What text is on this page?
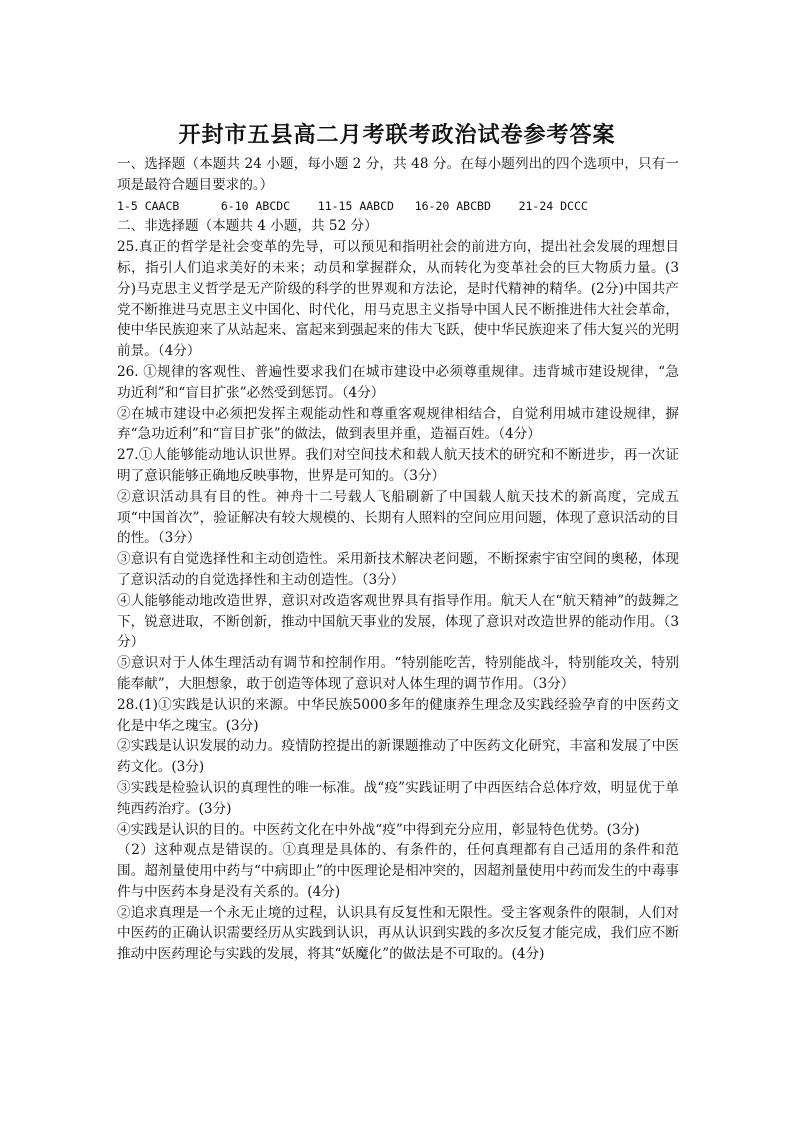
开封市五县高二月考联考政治试卷参考答案

一、选择题（本题共 24 小题，每小题 2 分，共 48 分。在每小题列出的四个选项中，只有一项是最符合题目要求的。）

1-5 CAACB      6-10 ABCDC    11-15 AABCD   16-20 ABCBD    21-24 DCCC

二、非选择题（本题共 4 小题，共 52 分）

25.真正的哲学是社会变革的先导，可以预见和指明社会的前进方向，提出社会发展的理想目标，指引人们追求美好的未来；动员和掌握群众，从而转化为变革社会的巨大物质力量。(3分)马克思主义哲学是无产阶级的科学的世界观和方法论，是时代精神的精华。(2分)中国共产党不断推进马克思主义中国化、时代化，用马克思主义指导中国人民不断推进伟大社会革命，使中华民族迎来了从站起来、富起来到强起来的伟大飞跃，使中华民族迎来了伟大复兴的光明前景。（4分）

26. ①规律的客观性、普遍性要求我们在城市建设中必须尊重规律。违背城市建设规律，“急功近利”和“盲目扩张”必然受到惩罚。（4分）

②在城市建设中必须把发挥主观能动性和尊重客观规律相结合，自觉利用城市建设规律，摒弃“急功近利”和“盲目扩张”的做法，做到表里并重，造福百姓。（4分）

27.①人能够能动地认识世界。我们对空间技术和载人航天技术的研究和不断进步，再一次证明了意识能够正确地反映事物，世界是可知的。（3分）

②意识活动具有目的性。神舟十二号载人飞船刷新了中国载人航天技术的新高度，完成五项“中国首次”，验证解决有较大规模的、长期有人照料的空间应用问题，体现了意识活动的目的性。（3分）

③意识有自觉选择性和主动创造性。采用新技术解决老问题，不断探索宇宙空间的奥秘，体现了意识活动的自觉选择性和主动创造性。（3分）

④人能够能动地改造世界，意识对改造客观世界具有指导作用。航天人在“航天精神”的鼓舞之下，锐意进取，不断创新，推动中国航天事业的发展，体现了意识对改造世界的能动作用。（3分）

⑤意识对于人体生理活动有调节和控制作用。“特别能吃苦，特别能战斗，特别能攻关，特别能奉献”，大胆想象，敢于创造等体现了意识对人体生理的调节作用。（3分）

28.(1)①实践是认识的来源。中华民族5000多年的健康养生理念及实践经验孕育的中医药文化是中华之瑰宝。(3分)

②实践是认识发展的动力。疫情防控提出的新课题推动了中医药文化研究，丰富和发展了中医药文化。(3分)

③实践是检验认识的真理性的唯一标准。战“疫”实践证明了中西医结合总体疗效，明显优于单纯西药治疗。(3分)

④实践是认识的目的。中医药文化在中外战“疫”中得到充分应用，彰显特色优势。(3分)

（2）这种观点是错误的。①真理是具体的、有条件的，任何真理都有自己适用的条件和范围。超剂量使用中药与“中病即止”的中医理论是相冲突的，因超剂量使用中药而发生的中毒事件与中医药本身是没有关系的。(4分)

②追求真理是一个永无止境的过程，认识具有反复性和无限性。受主客观条件的限制，人们对中医药的正确认识需要经历从实践到认识，再从认识到实践的多次反复才能完成，我们应不断推动中医药理论与实践的发展，将其“妖魔化”的做法是不可取的。(4分)
